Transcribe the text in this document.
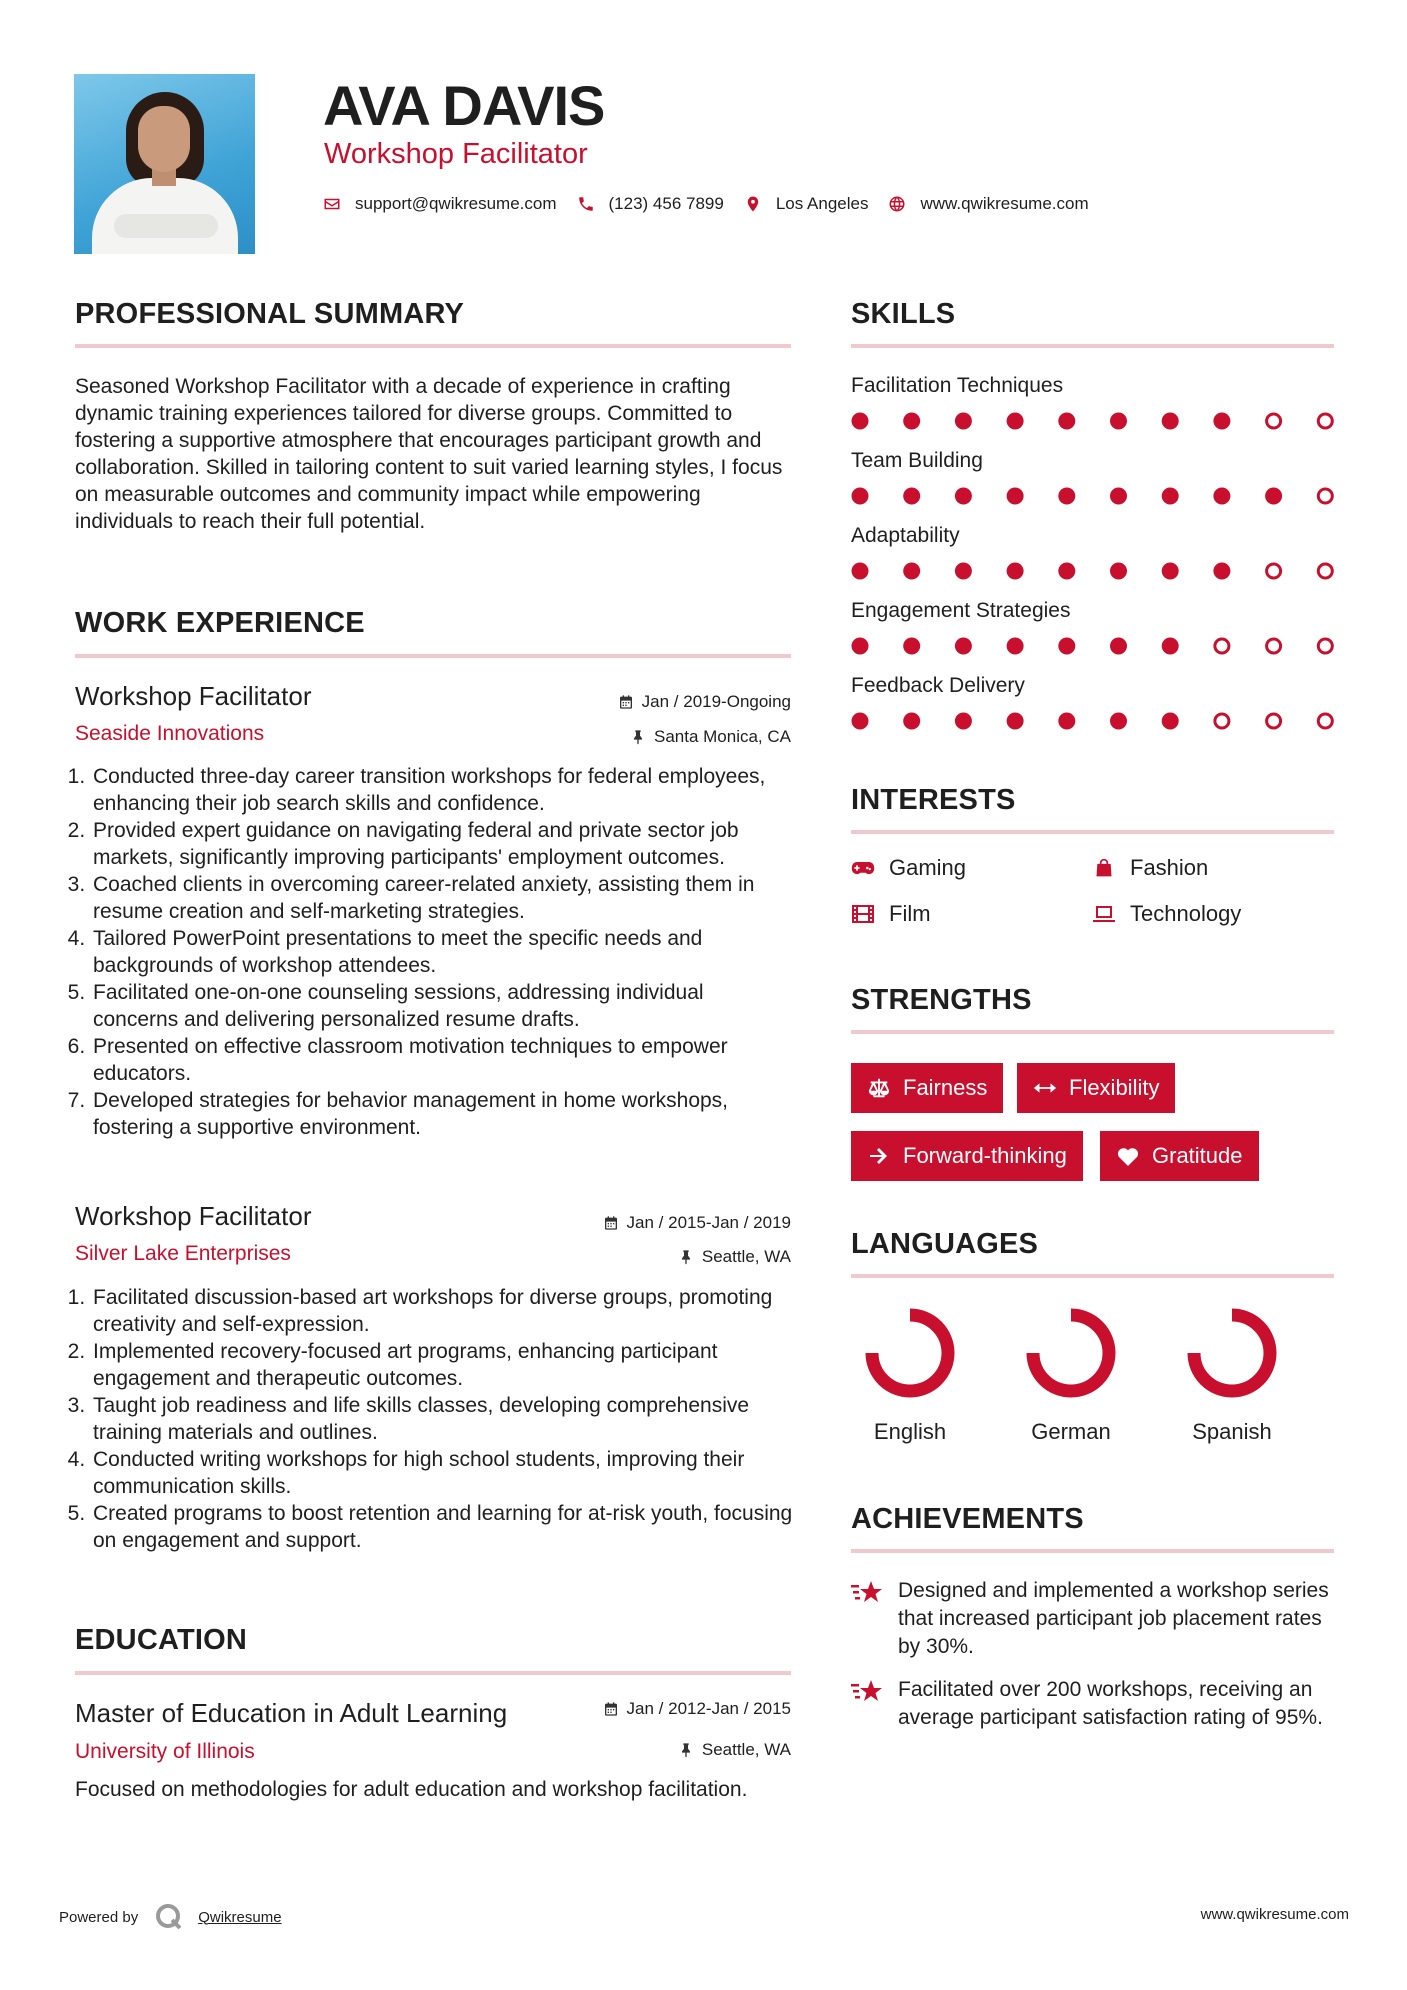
AVA DAVIS
Workshop Facilitator
support@qwikresume.com	(123) 456 7899	Los Angeles	www.qwikresume.com
PROFESSIONAL SUMMARY
Seasoned Workshop Facilitator with a decade of experience in crafting dynamic training experiences tailored for diverse groups. Committed to fostering a supportive atmosphere that encourages participant growth and collaboration. Skilled in tailoring content to suit varied learning styles, I focus on measurable outcomes and community impact while empowering individuals to reach their full potential.
WORK EXPERIENCE
Workshop Facilitator
Seaside Innovations
Jan / 2019-Ongoing
Santa Monica, CA
1. Conducted three-day career transition workshops for federal employees, enhancing their job search skills and confidence.
2. Provided expert guidance on navigating federal and private sector job markets, significantly improving participants' employment outcomes.
3. Coached clients in overcoming career-related anxiety, assisting them in resume creation and self-marketing strategies.
4. Tailored PowerPoint presentations to meet the specific needs and backgrounds of workshop attendees.
5. Facilitated one-on-one counseling sessions, addressing individual concerns and delivering personalized resume drafts.
6. Presented on effective classroom motivation techniques to empower educators.
7. Developed strategies for behavior management in home workshops, fostering a supportive environment.
Workshop Facilitator
Silver Lake Enterprises
Jan / 2015-Jan / 2019
Seattle, WA
1. Facilitated discussion-based art workshops for diverse groups, promoting creativity and self-expression.
2. Implemented recovery-focused art programs, enhancing participant engagement and therapeutic outcomes.
3. Taught job readiness and life skills classes, developing comprehensive training materials and outlines.
4. Conducted writing workshops for high school students, improving their communication skills.
5. Created programs to boost retention and learning for at-risk youth, focusing on engagement and support.
EDUCATION
Master of Education in Adult Learning
University of Illinois
Jan / 2012-Jan / 2015
Seattle, WA
Focused on methodologies for adult education and workshop facilitation.
SKILLS
Facilitation Techniques
Team Building
Adaptability
Engagement Strategies
Feedback Delivery
INTERESTS
Gaming	Fashion
Film	Technology
STRENGTHS
Fairness	Flexibility
Forward-thinking	Gratitude
LANGUAGES
English	German	Spanish
ACHIEVEMENTS
Designed and implemented a workshop series that increased participant job placement rates by 30%.
Facilitated over 200 workshops, receiving an average participant satisfaction rating of 95%.
Powered by	Qwikresume	www.qwikresume.com
